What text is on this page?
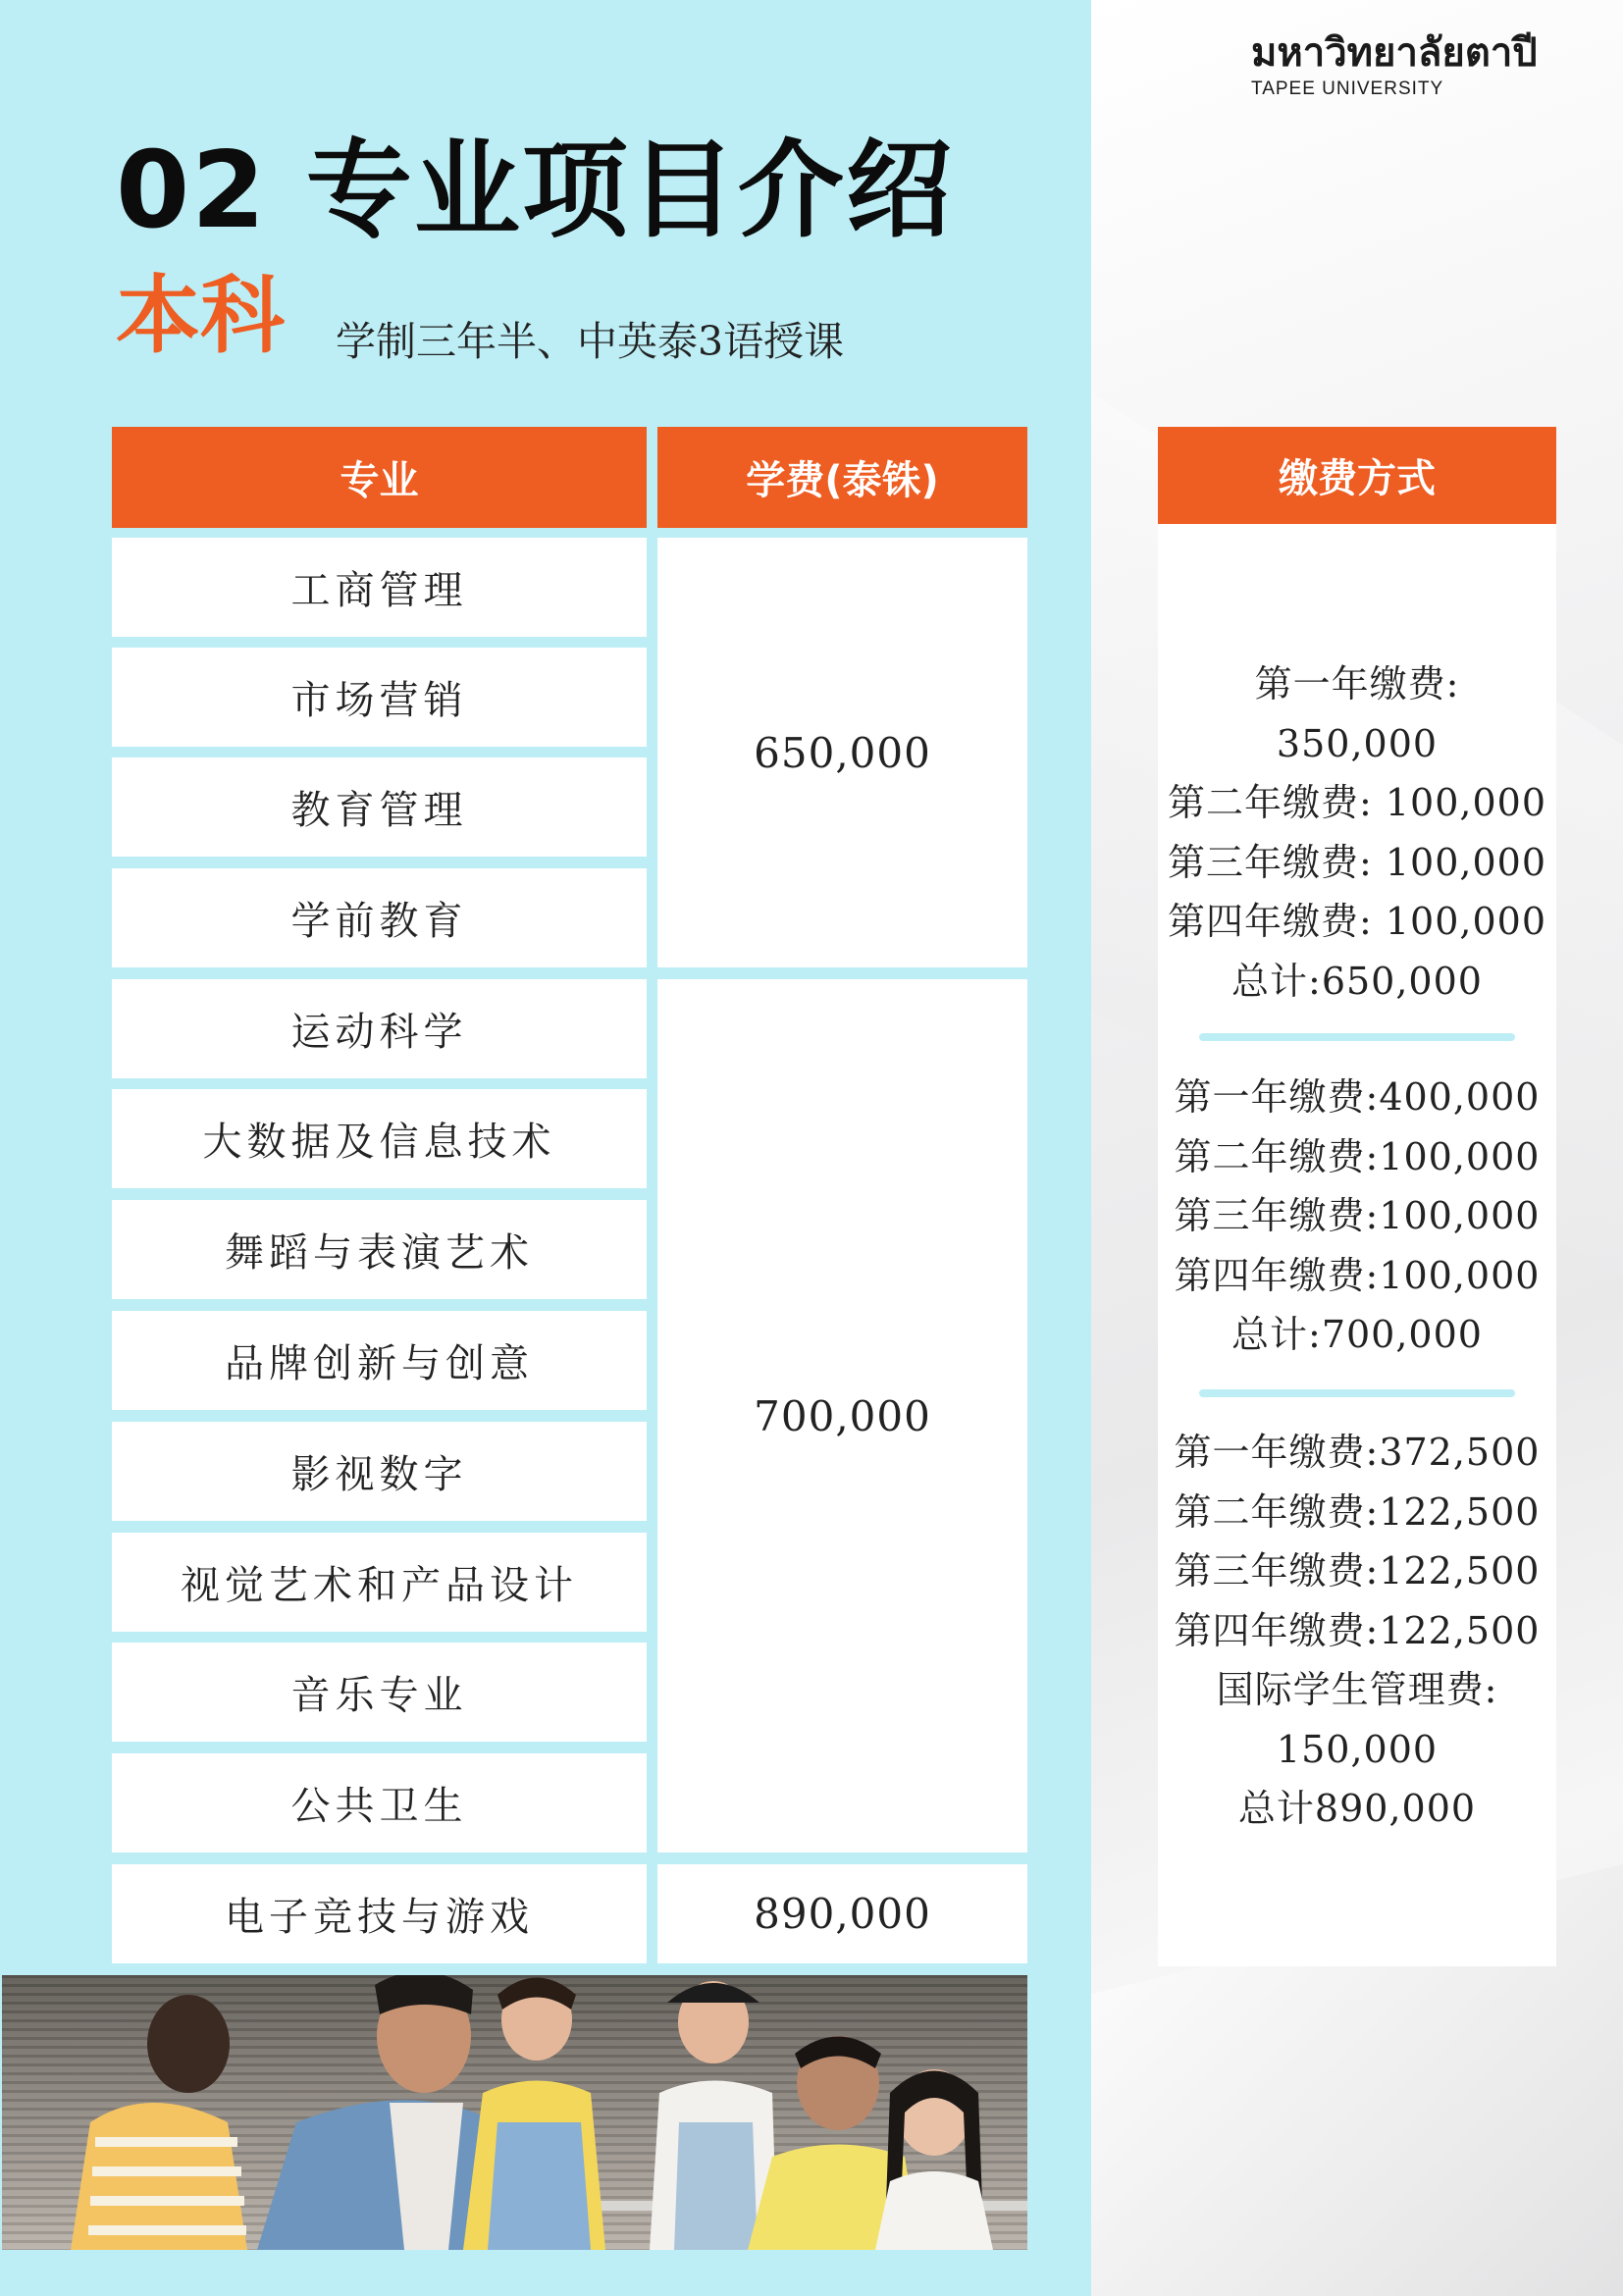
มหาวิทยาลัยตาปี
TAPEE UNIVERSITY
02 专业项目介绍
本科 学制三年半、中英泰3语授课
专业	学费(泰铢)	缴费方式
工商管理
市场营销
教育管理
学前教育
运动科学
大数据及信息技术
舞蹈与表演艺术
品牌创新与创意
影视数字
视觉艺术和产品设计
音乐专业
公共卫生
电子竞技与游戏
650,000
700,000
890,000
第一年缴费:
350,000
第二年缴费: 100,000
第三年缴费: 100,000
第四年缴费: 100,000
总计:650,000
第一年缴费:400,000
第二年缴费:100,000
第三年缴费:100,000
第四年缴费:100,000
总计:700,000
第一年缴费:372,500
第二年缴费:122,500
第三年缴费:122,500
第四年缴费:122,500
国际学生管理费:
150,000
总计890,000
